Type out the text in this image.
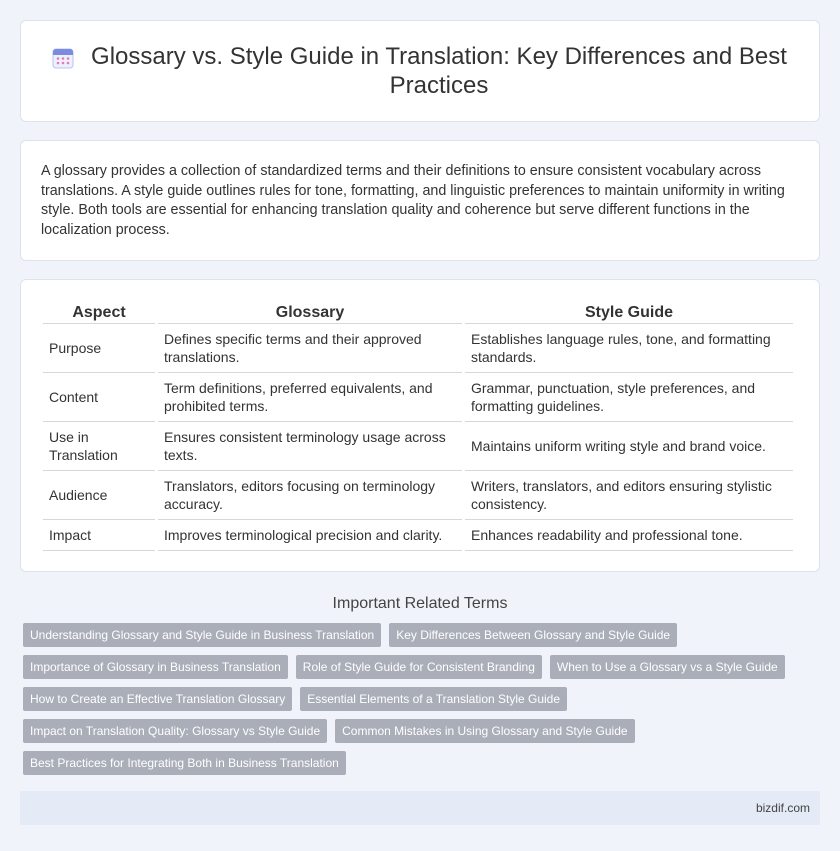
Glossary vs. Style Guide in Translation: Key Differences and Best Practices

A glossary provides a collection of standardized terms and their definitions to ensure consistent vocabulary across translations. A style guide outlines rules for tone, formatting, and linguistic preferences to maintain uniformity in writing style. Both tools are essential for enhancing translation quality and coherence but serve different functions in the localization process.

Aspect	Glossary	Style Guide
Purpose	Defines specific terms and their approved translations.	Establishes language rules, tone, and formatting standards.
Content	Term definitions, preferred equivalents, and prohibited terms.	Grammar, punctuation, style preferences, and formatting guidelines.
Use in Translation	Ensures consistent terminology usage across texts.	Maintains uniform writing style and brand voice.
Audience	Translators, editors focusing on terminology accuracy.	Writers, translators, and editors ensuring stylistic consistency.
Impact	Improves terminological precision and clarity.	Enhances readability and professional tone.
Important Related Terms
Understanding Glossary and Style Guide in Business Translation	Key Differences Between Glossary and Style Guide
Importance of Glossary in Business Translation	Role of Style Guide for Consistent Branding	When to Use a Glossary vs a Style Guide
How to Create an Effective Translation Glossary	Essential Elements of a Translation Style Guide
Impact on Translation Quality: Glossary vs Style Guide	Common Mistakes in Using Glossary and Style Guide
Best Practices for Integrating Both in Business Translation
bizdif.com
